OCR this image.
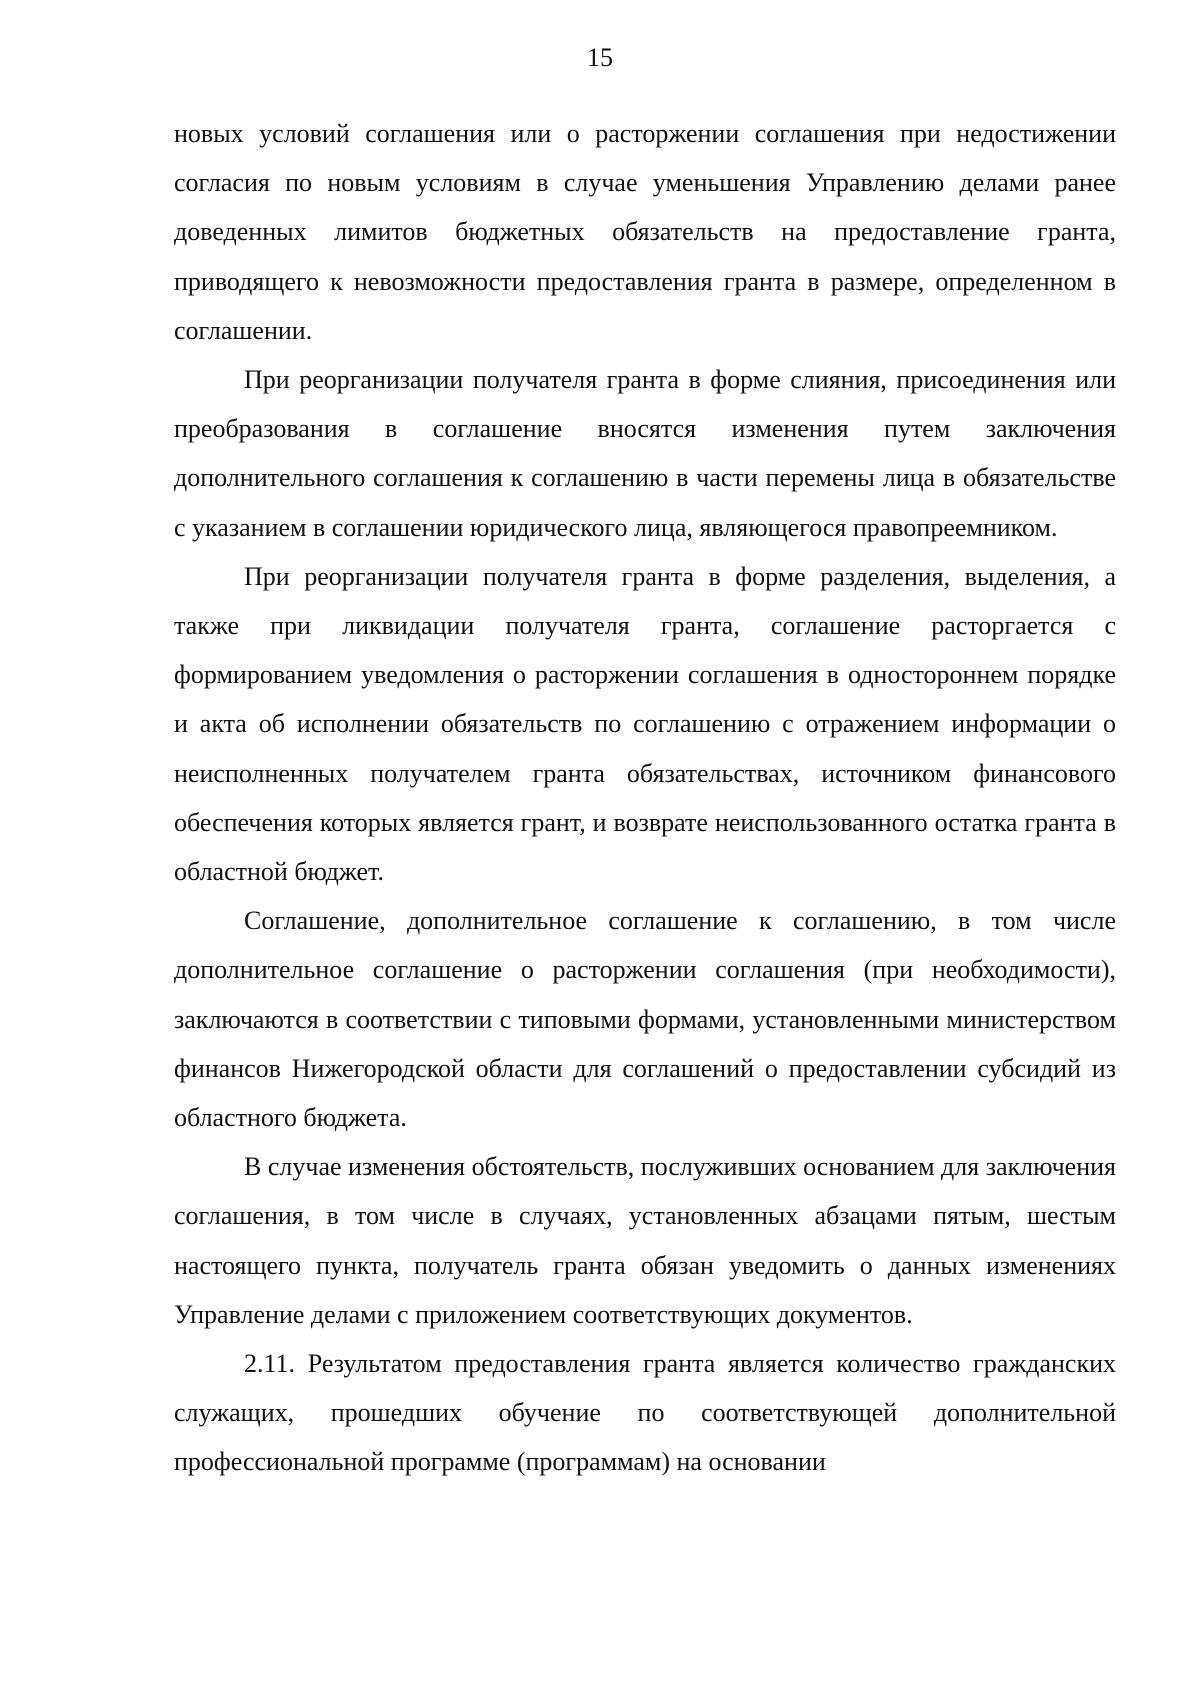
15

новых условий соглашения или о расторжении соглашения при недостижении согласия по новым условиям в случае уменьшения Управлению делами ранее доведенных лимитов бюджетных обязательств на предоставление гранта, приводящего к невозможности предоставления гранта в размере, определенном в соглашении.

При реорганизации получателя гранта в форме слияния, присоединения или преобразования в соглашение вносятся изменения путем заключения дополнительного соглашения к соглашению в части перемены лица в обязательстве с указанием в соглашении юридического лица, являющегося правопреемником.

При реорганизации получателя гранта в форме разделения, выделения, а также при ликвидации получателя гранта, соглашение расторгается с формированием уведомления о расторжении соглашения в одностороннем порядке и акта об исполнении обязательств по соглашению с отражением информации о неисполненных получателем гранта обязательствах, источником финансового обеспечения которых является грант, и возврате неиспользованного остатка гранта в областной бюджет.

Соглашение, дополнительное соглашение к соглашению, в том числе дополнительное соглашение о расторжении соглашения (при необходимости), заключаются в соответствии с типовыми формами, установленными министерством финансов Нижегородской области для соглашений о предоставлении субсидий из областного бюджета.

В случае изменения обстоятельств, послуживших основанием для заключения соглашения, в том числе в случаях, установленных абзацами пятым, шестым настоящего пункта, получатель гранта обязан уведомить о данных изменениях Управление делами с приложением соответствующих документов.

2.11. Результатом предоставления гранта является количество гражданских служащих, прошедших обучение по соответствующей дополнительной профессиональной программе (программам) на основании
